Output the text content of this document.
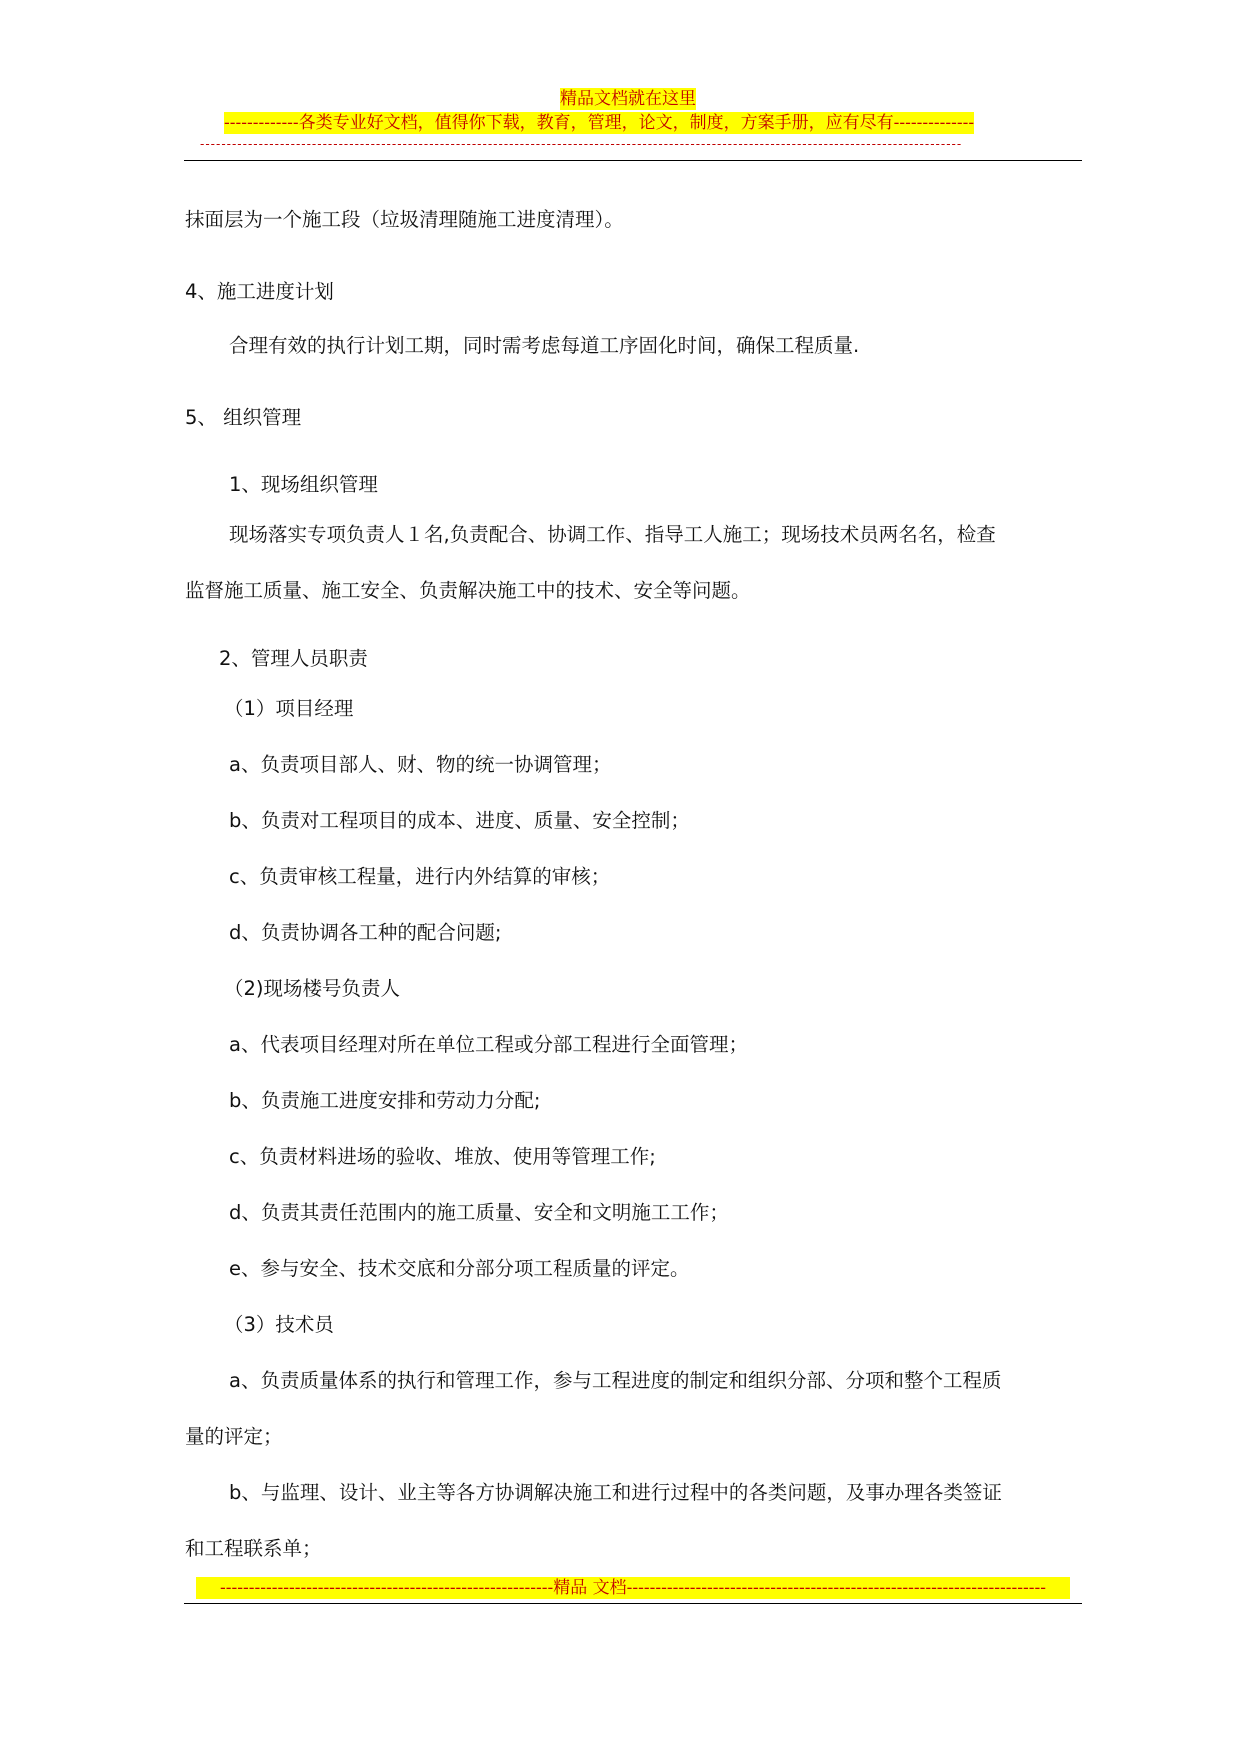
精品文档就在这里
-------------各类专业好文档，值得你下载，教育，管理，论文，制度，方案手册，应有尽有--------------
-----------------------------------------------------------------------------------------------------------------------------------------------
抹面层为一个施工段（垃圾清理随施工进度清理）。
4、施工进度计划
合理有效的执行计划工期，同时需考虑每道工序固化时间，确保工程质量.
5、 组织管理
1、现场组织管理
现场落实专项负责人１名,负责配合、协调工作、指导工人施工；现场技术员两名名，检查
监督施工质量、施工安全、负责解决施工中的技术、安全等问题。
2、管理人员职责
（1）项目经理
a、负责项目部人、财、物的统一协调管理；
b、负责对工程项目的成本、进度、质量、安全控制；
c、负责审核工程量，进行内外结算的审核；
d、负责协调各工种的配合问题;
（2)现场楼号负责人
a、代表项目经理对所在单位工程或分部工程进行全面管理；
b、负责施工进度安排和劳动力分配;
c、负责材料进场的验收、堆放、使用等管理工作;
d、负责其责任范围内的施工质量、安全和文明施工工作；
e、参与安全、技术交底和分部分项工程质量的评定。
（3）技术员
a、负责质量体系的执行和管理工作，参与工程进度的制定和组织分部、分项和整个工程质
量的评定；
b、与监理、设计、业主等各方协调解决施工和进行过程中的各类问题，及事办理各类签证
和工程联系单；
----------------------------------------------------------精品 文档-------------------------------------------------------------------------
